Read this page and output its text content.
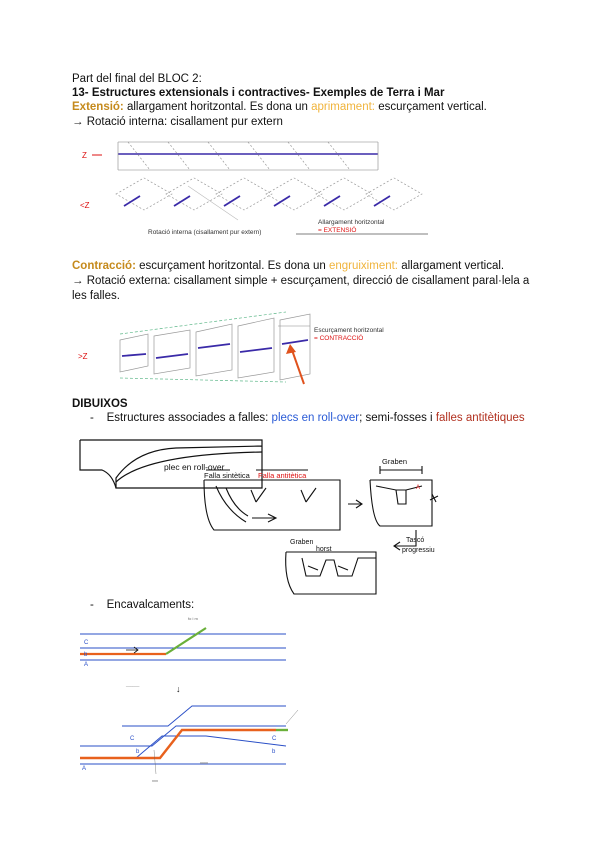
Part del final del BLOC 2:
13- Estructures extensionals i contractives- Exemples de Terra i Mar
Extensió: allargament horitzontal. Es dona un aprimament: escurçament vertical.
→ Rotació interna: cisallament pur extern
Z
<Z
Rotació interna (cisallament pur extern)
Allargament horitzontal
= EXTENSIÓ
Contracció: escurçament horitzontal. Es dona un engruiximent: allargament vertical.
→ Rotació externa: cisallament simple + escurçament, direcció de cisallament paral·lela a
les falles.
>Z
Escurçament horitzontal
= CONTRACCIÓ
DIBUIXOS
- Estructures associades a falles: plecs en roll-over; semi-fosses i falles antitètiques
plec en roll-over
Falla sintètica Falla antitètica
Graben
A
Graben
horst
Tascó
progressiu
- Encavalcaments:
C
b
A
fo i m
______	↓
C
b
A
C
b
xxx
xxxx
